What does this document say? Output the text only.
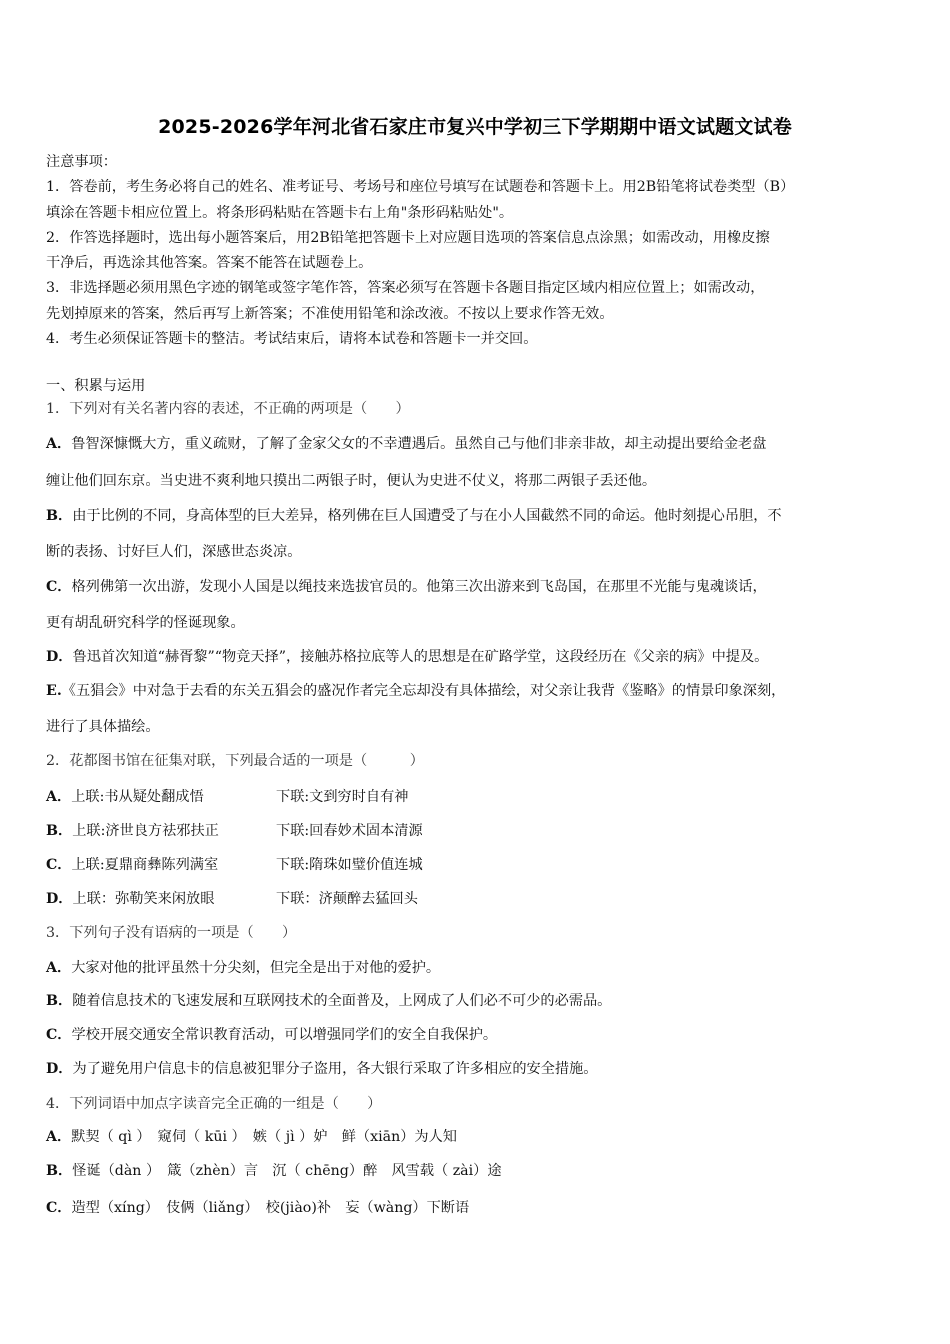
2025-2026学年河北省石家庄市复兴中学初三下学期期中语文试题文试卷

注意事项：

1．答卷前，考生务必将自己的姓名、准考证号、考场号和座位号填写在试题卷和答题卡上。用2B铅笔将试卷类型（B）

填涂在答题卡相应位置上。将条形码粘贴在答题卡右上角"条形码粘贴处"。

2．作答选择题时，选出每小题答案后，用2B铅笔把答题卡上对应题目选项的答案信息点涂黑；如需改动，用橡皮擦

干净后，再选涂其他答案。答案不能答在试题卷上。

3．非选择题必须用黑色字迹的钢笔或签字笔作答，答案必须写在答题卡各题目指定区域内相应位置上；如需改动，

先划掉原来的答案，然后再写上新答案；不准使用铅笔和涂改液。不按以上要求作答无效。

4．考生必须保证答题卡的整洁。考试结束后，请将本试卷和答题卡一并交回。

一、积累与运用
1．下列对有关名著内容的表述，不正确的两项是（　　）
A．鲁智深慷慨大方，重义疏财，了解了金家父女的不幸遭遇后。虽然自己与他们非亲非故，却主动提出要给金老盘
缠让他们回东京。当史进不爽利地只摸出二两银子时，便认为史进不仗义，将那二两银子丢还他。
B．由于比例的不同，身高体型的巨大差异，格列佛在巨人国遭受了与在小人国截然不同的命运。他时刻提心吊胆，不
断的表扬、讨好巨人们，深感世态炎凉。
C．格列佛第一次出游，发现小人国是以绳技来选拔官员的。他第三次出游来到飞岛国，在那里不光能与鬼魂谈话，
更有胡乱研究科学的怪诞现象。
D．鲁迅首次知道“赫胥黎”“物竞天择”，接触苏格拉底等人的思想是在矿路学堂，这段经历在《父亲的病》中提及。
E.《五猖会》中对急于去看的东关五猖会的盛况作者完全忘却没有具体描绘，对父亲让我背《鉴略》的情景印象深刻，
进行了具体描绘。
2．花都图书馆在征集对联，下列最合适的一项是（　　　）
A．上联:书从疑处翻成悟	下联:文到穷时自有神
B．上联:济世良方祛邪扶正	下联:回春妙术固本清源
C．上联:夏鼎商彝陈列满室	下联:隋珠如璧价值连城
D．上联：弥勒笑来闲放眼	下联：济颠醉去猛回头
3．下列句子没有语病的一项是（　　）
A．大家对他的批评虽然十分尖刻，但完全是出于对他的爱护。
B．随着信息技术的飞速发展和互联网技术的全面普及，上网成了人们必不可少的必需品。
C．学校开展交通安全常识教育活动，可以增强同学们的安全自我保护。
D．为了避免用户信息卡的信息被犯罪分子盗用，各大银行采取了许多相应的安全措施。
4．下列词语中加点字读音完全正确的一组是（　　）
A．默契（ qì ）　窥伺（ kūi ）　嫉（ jì ）妒　鲜（xiān）为人知
B．怪诞（dàn ）　箴（zhèn）言　沉（ chēng）醉　风雪载（ zài）途
C．造型（xíng）　伎俩（liǎng）　校(jiào)补　妄（wàng）下断语
